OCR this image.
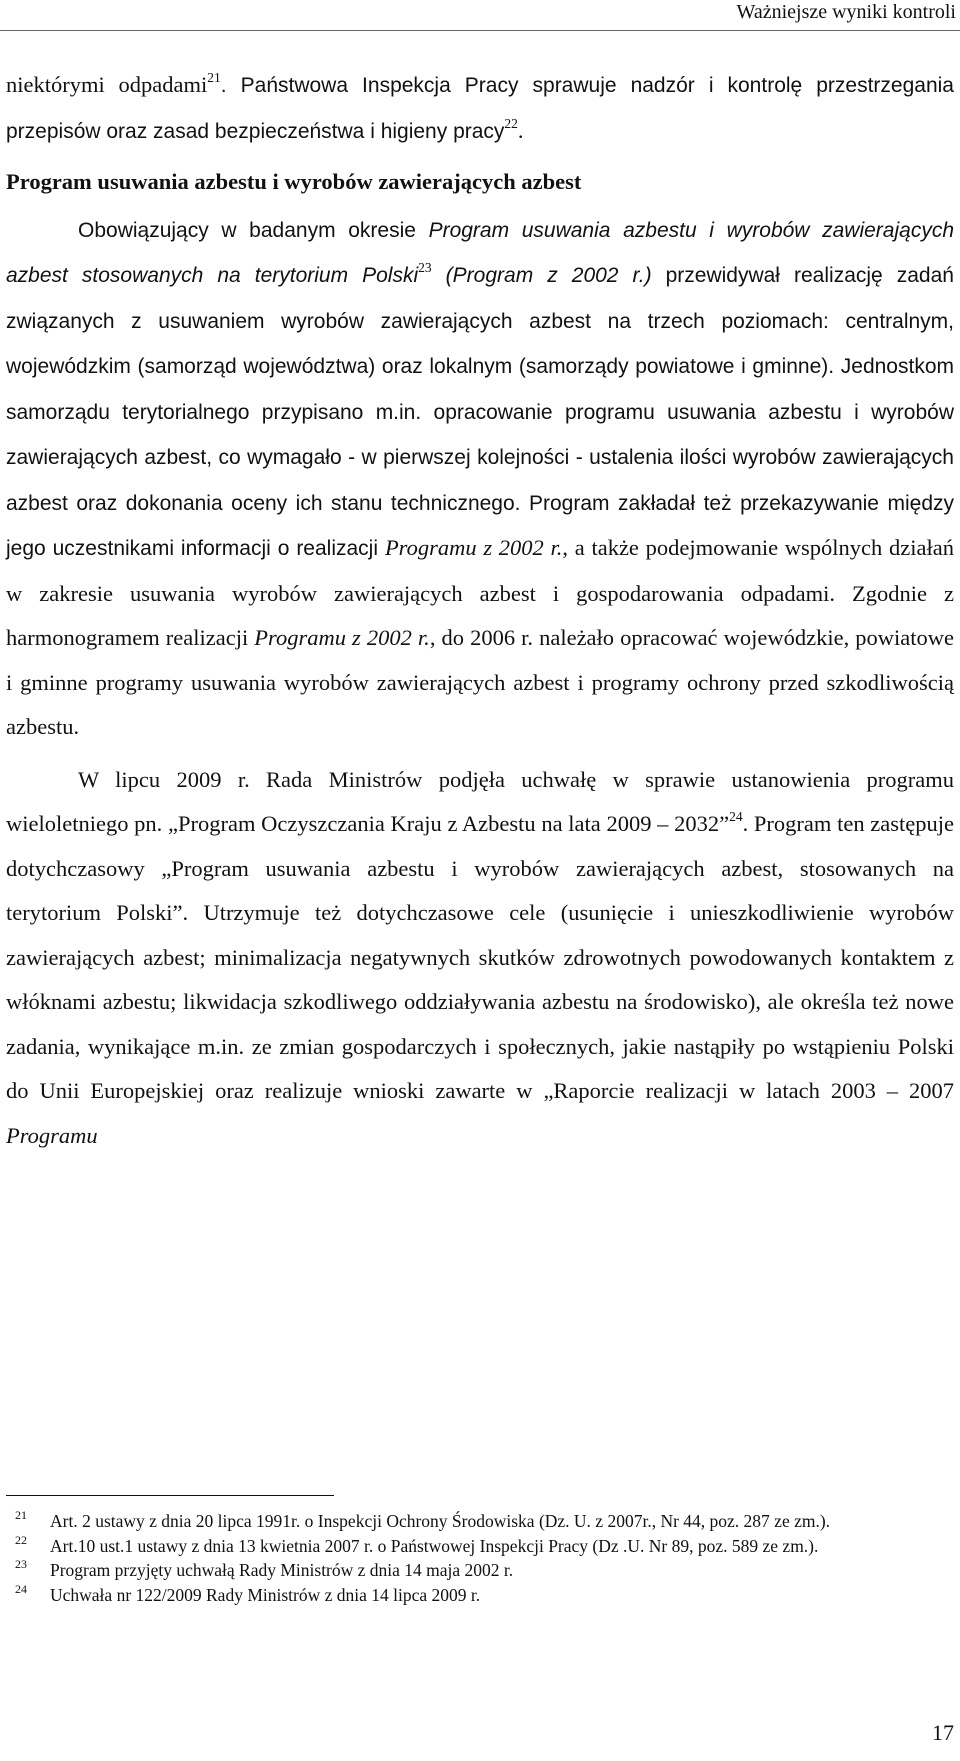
Ważniejsze wyniki kontroli

niektórymi odpadami$^{21}$. Państwowa Inspekcja Pracy sprawuje nadzór i kontrolę przestrzegania przepisów oraz zasad bezpieczeństwa i higieny pracy$^{22}$.

Program usuwania azbestu i wyrobów zawierających azbest

Obowiązujący w badanym okresie Program usuwania azbestu i wyrobów zawierających azbest stosowanych na terytorium Polski$^{23}$ (Program z 2002 r.) przewidywał realizację zadań związanych z usuwaniem wyrobów zawierających azbest na trzech poziomach: centralnym, wojewódzkim (samorząd województwa) oraz lokalnym (samorządy powiatowe i gminne). Jednostkom samorządu terytorialnego przypisano m.in. opracowanie programu usuwania azbestu i wyrobów zawierających azbest, co wymagało - w pierwszej kolejności - ustalenia ilości wyrobów zawierających azbest oraz dokonania oceny ich stanu technicznego. Program zakładał też przekazywanie między jego uczestnikami informacji o realizacji Programu z 2002 r., a także podejmowanie wspólnych działań w zakresie usuwania wyrobów zawierających azbest i gospodarowania odpadami. Zgodnie z harmonogramem realizacji Programu z 2002 r., do 2006 r. należało opracować wojewódzkie, powiatowe i gminne programy usuwania wyrobów zawierających azbest i programy ochrony przed szkodliwością azbestu.

W lipcu 2009 r. Rada Ministrów podjęła uchwałę w sprawie ustanowienia programu wieloletniego pn. „Program Oczyszczania Kraju z Azbestu na lata 2009 – 2032”$^{24}$. Program ten zastępuje dotychczasowy „Program usuwania azbestu i wyrobów zawierających azbest, stosowanych na terytorium Polski”. Utrzymuje też dotychczasowe cele (usunięcie i unieszkodliwienie wyrobów zawierających azbest; minimalizacja negatywnych skutków zdrowotnych powodowanych kontaktem z włóknami azbestu; likwidacja szkodliwego oddziaływania azbestu na środowisko), ale określa też nowe zadania, wynikające m.in. ze zmian gospodarczych i społecznych, jakie nastąpiły po wstąpieniu Polski do Unii Europejskiej oraz realizuje wnioski zawarte w „Raporcie realizacji w latach 2003 – 2007 Programu

21 Art. 2 ustawy z dnia 20 lipca 1991r. o Inspekcji Ochrony Środowiska (Dz. U. z 2007r., Nr 44, poz. 287 ze zm.).
22 Art.10 ust.1 ustawy z dnia 13 kwietnia 2007 r. o Państwowej Inspekcji Pracy (Dz .U. Nr 89, poz. 589 ze zm.).
23 Program przyjęty uchwałą Rady Ministrów z dnia 14 maja 2002 r.
24 Uchwała nr 122/2009 Rady Ministrów z dnia 14 lipca 2009 r.
17
